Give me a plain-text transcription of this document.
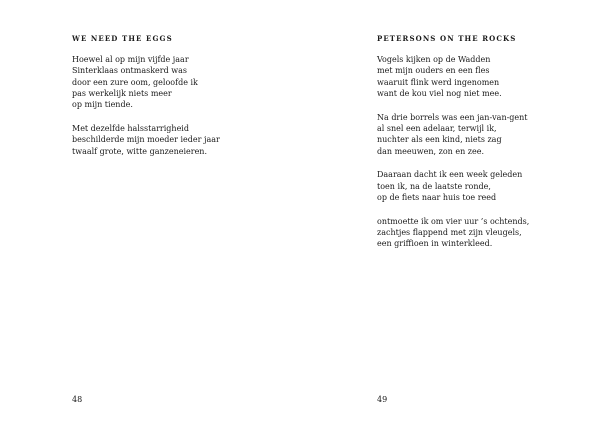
WE NEED THE EGGS
Hoewel al op mijn vijfde jaar
Sinterklaas ontmaskerd was
door een zure oom, geloofde ik
pas werkelijk niets meer
op mijn tiende.
Met dezelfde halsstarrigheid
beschilderde mijn moeder ieder jaar
twaalf grote, witte ganzeneieren.
48
PETERSONS ON THE ROCKS
Vogels kijken op de Wadden
met mijn ouders en een fles
waaruit flink werd ingenomen
want de kou viel nog niet mee.
Na drie borrels was een jan-van-gent
al snel een adelaar, terwijl ik,
nuchter als een kind, niets zag
dan meeuwen, zon en zee.
Daaraan dacht ik een week geleden
toen ik, na de laatste ronde,
op de fiets naar huis toe reed
ontmoette ik om vier uur ’s ochtends,
zachtjes flappend met zijn vleugels,
een griffioen in winterkleed.
49
